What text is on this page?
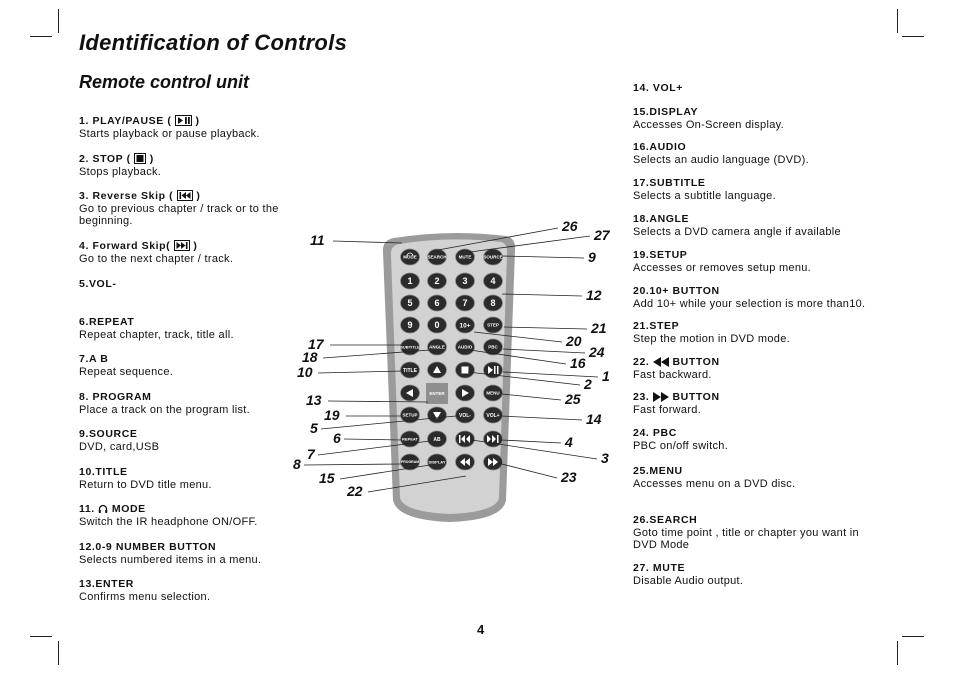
Identification of Controls
Remote control unit
1. PLAY/PAUSE ( )
Starts playback or pause playback.
2. STOP ( )
Stops playback.
3. Reverse Skip ( )
Go to previous chapter / track or to the beginning.
4. Forward Skip( )
Go to the next chapter / track.
5.VOL-
6.REPEAT
Repeat chapter, track, title all.
7.A B
Repeat sequence.
8. PROGRAM
Place a track on the program list.
9.SOURCE
DVD, card,USB
10.TITLE
Return to DVD title menu.
11. MODE
Switch the IR headphone ON/OFF.
12.0-9 NUMBER BUTTON
Selects numbered items in a menu.
13.ENTER
Confirms menu selection.
14. VOL+
15.DISPLAY
Accesses On-Screen display.
16.AUDIO
Selects an audio language (DVD).
17.SUBTITLE
Selects a subtitle language.
18.ANGLE
Selects a DVD camera angle if available
19.SETUP
Accesses or removes setup menu.
20.10+ BUTTON
Add 10+ while your selection is more than10.
21.STEP
Step the motion in DVD mode.
22. BUTTON
Fast backward.
23. BUTTON
Fast forward.
24. PBC
PBC on/off switch.
25.MENU
Accesses menu on a DVD disc.
26.SEARCH
Goto time point , title or chapter you want in DVD Mode
27. MUTE
Disable Audio output.
MODE SEARCH	MUTE	SOURCE
1 2	3	4
5 6	7	8
9 0	10+	STEP
SUBTITLE ANGLE	AUDIO	PBC
TITLE
MENU
SETUP	VOL-	VOL+
REPEAT	AB
PROGRAM DISPLAY
ENTER
11
26
27
9
12
21
20
24
16
1
2
25
14
4
3
23
17
18
10
13
19
5
6
7
8
15
22
4
